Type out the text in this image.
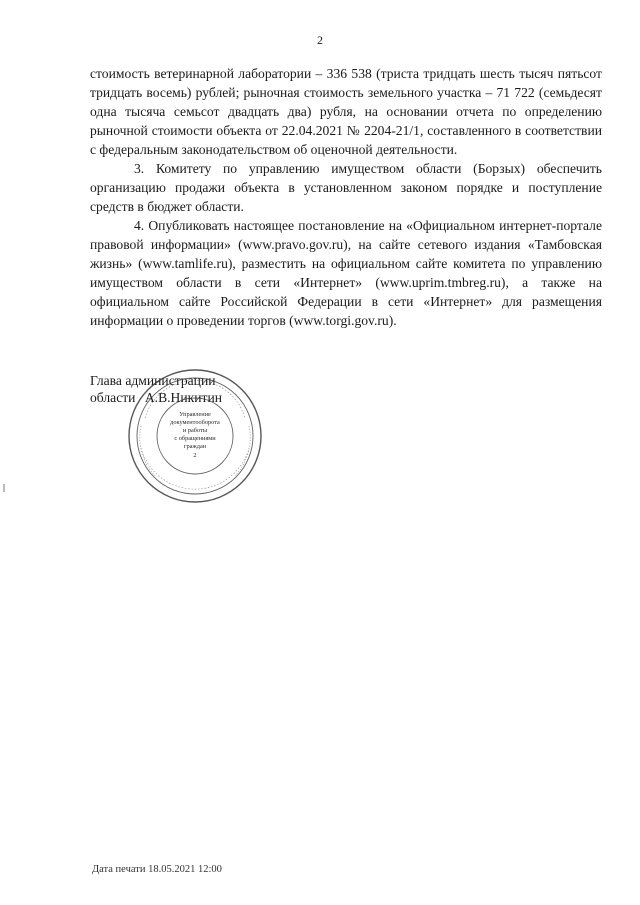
2

стоимость ветеринарной лаборатории – 336 538 (триста тридцать шесть тысяч пятьсот тридцать восемь) рублей; рыночная стоимость земельного участка – 71 722 (семьдесят одна тысяча семьсот двадцать два) рубля, на основании отчета по определению рыночной стоимости объекта от 22.04.2021 № 2204-21/1, составленного в соответствии с федеральным законодательством об оценочной деятельности.

3. Комитету по управлению имуществом области (Борзых) обеспечить организацию продажи объекта в установленном законом порядке и поступление средств в бюджет области.

4. Опубликовать настоящее постановление на «Официальном интернет-портале правовой информации» (www.pravo.gov.ru), на сайте сетевого издания «Тамбовская жизнь» (www.tamlife.ru), разместить на официальном сайте комитета по управлению имуществом области в сети «Интернет» (www.uprim.tmbreg.ru), а также на официальном сайте Российской Федерации в сети «Интернет» для размещения информации о проведении торгов (www.torgi.gov.ru).

Глава администрации
области А.В.Никитин
Управление
документооборота
и работы
с обращениями
граждан
2
Дата печати 18.05.2021 12:00
